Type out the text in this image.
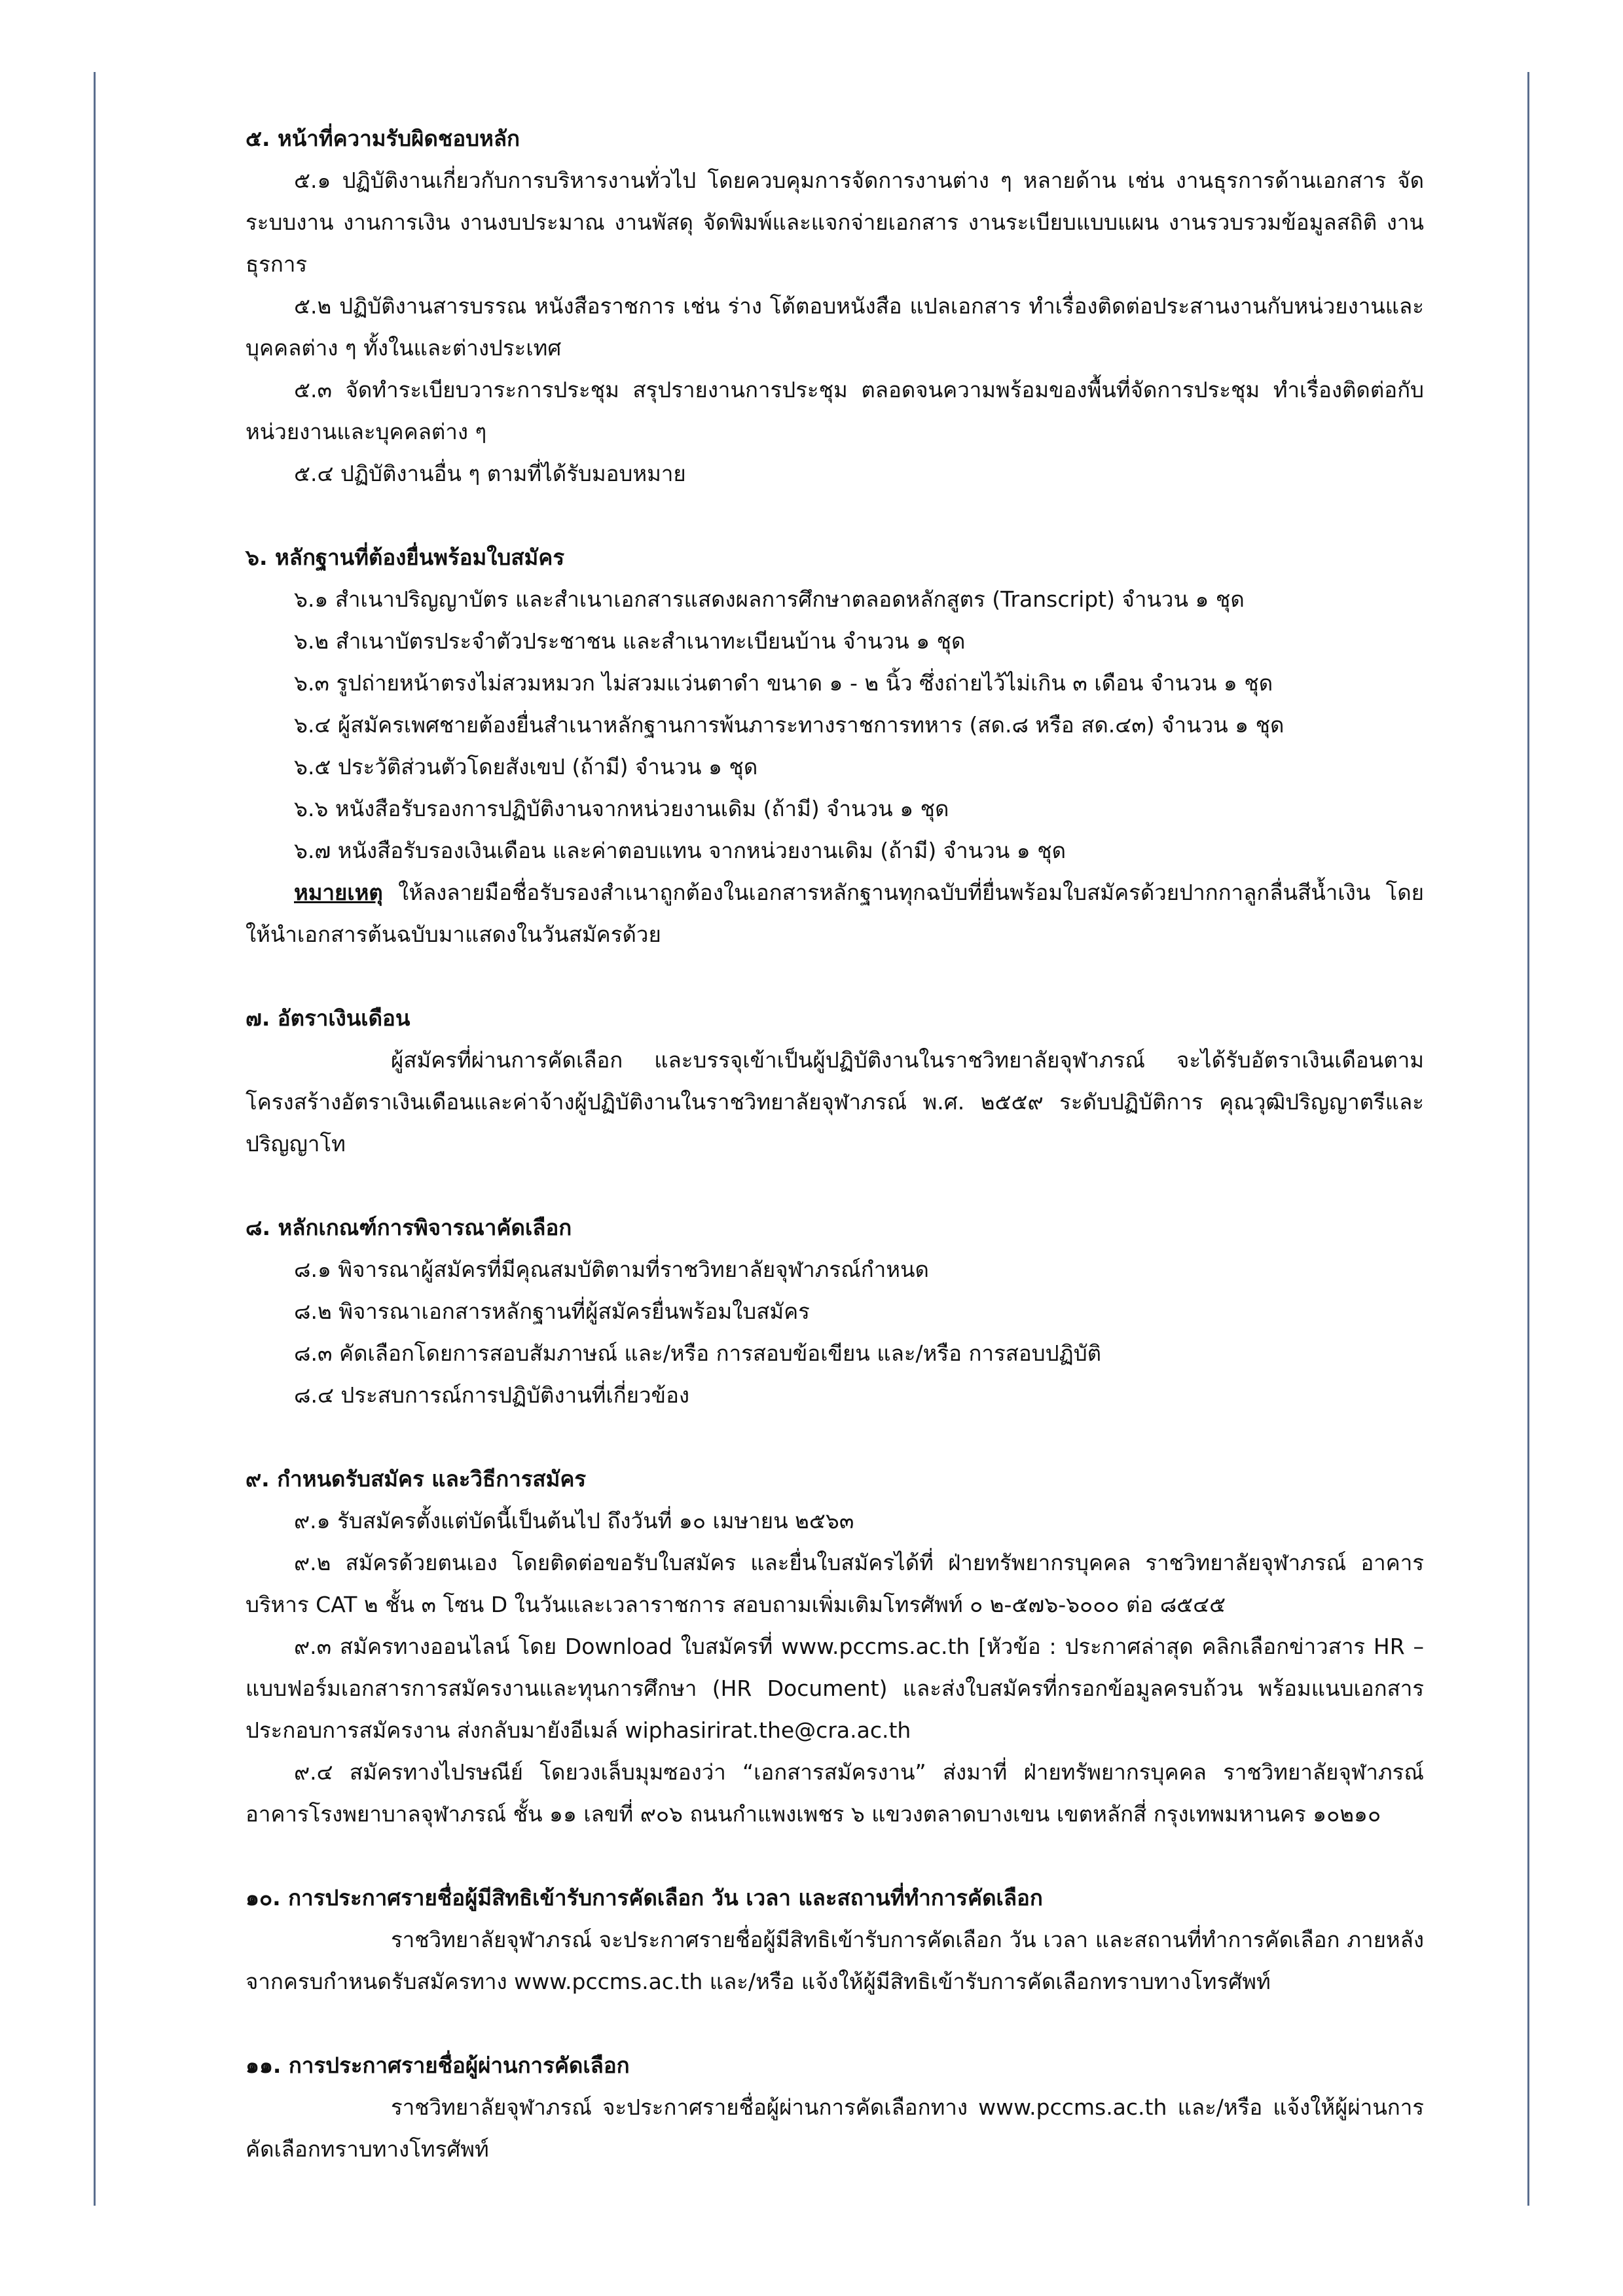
๕. หน้าที่ความรับผิดชอบหลัก

๕.๑ ปฏิบัติงานเกี่ยวกับการบริหารงานทั่วไป โดยควบคุมการจัดการงานต่าง ๆ หลายด้าน เช่น งานธุรการด้านเอกสาร จัดระบบงาน งานการเงิน งานงบประมาณ งานพัสดุ จัดพิมพ์และแจกจ่ายเอกสาร งานระเบียบแบบแผน งานรวบรวมข้อมูลสถิติ งานธุรการ

๕.๒ ปฏิบัติงานสารบรรณ หนังสือราชการ เช่น ร่าง โต้ตอบหนังสือ แปลเอกสาร ทำเรื่องติดต่อประสานงานกับหน่วยงานและบุคคลต่าง ๆ ทั้งในและต่างประเทศ

๕.๓ จัดทำระเบียบวาระการประชุม สรุปรายงานการประชุม ตลอดจนความพร้อมของพื้นที่จัดการประชุม ทำเรื่องติดต่อกับหน่วยงานและบุคคลต่าง ๆ

๕.๔ ปฏิบัติงานอื่น ๆ ตามที่ได้รับมอบหมาย

๖. หลักฐานที่ต้องยื่นพร้อมใบสมัคร

๖.๑ สำเนาปริญญาบัตร และสำเนาเอกสารแสดงผลการศึกษาตลอดหลักสูตร (Transcript) จำนวน ๑ ชุด

๖.๒ สำเนาบัตรประจำตัวประชาชน และสำเนาทะเบียนบ้าน จำนวน ๑ ชุด

๖.๓ รูปถ่ายหน้าตรงไม่สวมหมวก ไม่สวมแว่นตาดำ ขนาด ๑ - ๒ นิ้ว ซึ่งถ่ายไว้ไม่เกิน ๓ เดือน จำนวน ๑ ชุด

๖.๔ ผู้สมัครเพศชายต้องยื่นสำเนาหลักฐานการพ้นภาระทางราชการทหาร (สด.๘ หรือ สด.๔๓) จำนวน ๑ ชุด

๖.๕ ประวัติส่วนตัวโดยสังเขป (ถ้ามี) จำนวน ๑ ชุด

๖.๖ หนังสือรับรองการปฏิบัติงานจากหน่วยงานเดิม (ถ้ามี) จำนวน ๑ ชุด

๖.๗ หนังสือรับรองเงินเดือน และค่าตอบแทน จากหน่วยงานเดิม (ถ้ามี) จำนวน ๑ ชุด

หมายเหตุ ให้ลงลายมือชื่อรับรองสำเนาถูกต้องในเอกสารหลักฐานทุกฉบับที่ยื่นพร้อมใบสมัครด้วยปากกาลูกลื่นสีน้ำเงิน โดยให้นำเอกสารต้นฉบับมาแสดงในวันสมัครด้วย

๗. อัตราเงินเดือน

ผู้สมัครที่ผ่านการคัดเลือก และบรรจุเข้าเป็นผู้ปฏิบัติงานในราชวิทยาลัยจุฬาภรณ์ จะได้รับอัตราเงินเดือนตามโครงสร้างอัตราเงินเดือนและค่าจ้างผู้ปฏิบัติงานในราชวิทยาลัยจุฬาภรณ์ พ.ศ. ๒๕๕๙ ระดับปฏิบัติการ คุณวุฒิปริญญาตรีและปริญญาโท

๘. หลักเกณฑ์การพิจารณาคัดเลือก

๘.๑ พิจารณาผู้สมัครที่มีคุณสมบัติตามที่ราชวิทยาลัยจุฬาภรณ์กำหนด

๘.๒ พิจารณาเอกสารหลักฐานที่ผู้สมัครยื่นพร้อมใบสมัคร

๘.๓ คัดเลือกโดยการสอบสัมภาษณ์ และ/หรือ การสอบข้อเขียน และ/หรือ การสอบปฏิบัติ

๘.๔ ประสบการณ์การปฏิบัติงานที่เกี่ยวข้อง

๙. กำหนดรับสมัคร และวิธีการสมัคร

๙.๑ รับสมัครตั้งแต่บัดนี้เป็นต้นไป ถึงวันที่ ๑๐ เมษายน ๒๕๖๓

๙.๒ สมัครด้วยตนเอง โดยติดต่อขอรับใบสมัคร และยื่นใบสมัครได้ที่ ฝ่ายทรัพยากรบุคคล ราชวิทยาลัยจุฬาภรณ์ อาคารบริหาร CAT ๒ ชั้น ๓ โซน D ในวันและเวลาราชการ สอบถามเพิ่มเติมโทรศัพท์ ๐ ๒-๕๗๖-๖๐๐๐ ต่อ ๘๕๔๕

๙.๓ สมัครทางออนไลน์ โดย Download ใบสมัครที่ www.pccms.ac.th [หัวข้อ : ประกาศล่าสุด คลิกเลือกข่าวสาร HR – แบบฟอร์มเอกสารการสมัครงานและทุนการศึกษา (HR Document) และส่งใบสมัครที่กรอกข้อมูลครบถ้วน พร้อมแนบเอกสารประกอบการสมัครงาน ส่งกลับมายังอีเมล์ wiphasirirat.the@cra.ac.th

๙.๔ สมัครทางไปรษณีย์ โดยวงเล็บมุมซองว่า “เอกสารสมัครงาน” ส่งมาที่ ฝ่ายทรัพยากรบุคคล ราชวิทยาลัยจุฬาภรณ์ อาคารโรงพยาบาลจุฬาภรณ์ ชั้น ๑๑ เลขที่ ๙๐๖ ถนนกำแพงเพชร ๖ แขวงตลาดบางเขน เขตหลักสี่ กรุงเทพมหานคร ๑๐๒๑๐

๑๐. การประกาศรายชื่อผู้มีสิทธิเข้ารับการคัดเลือก วัน เวลา และสถานที่ทำการคัดเลือก

ราชวิทยาลัยจุฬาภรณ์ จะประกาศรายชื่อผู้มีสิทธิเข้ารับการคัดเลือก วัน เวลา และสถานที่ทำการคัดเลือก ภายหลังจากครบกำหนดรับสมัครทาง www.pccms.ac.th และ/หรือ แจ้งให้ผู้มีสิทธิเข้ารับการคัดเลือกทราบทางโทรศัพท์

๑๑. การประกาศรายชื่อผู้ผ่านการคัดเลือก

ราชวิทยาลัยจุฬาภรณ์ จะประกาศรายชื่อผู้ผ่านการคัดเลือกทาง www.pccms.ac.th และ/หรือ แจ้งให้ผู้ผ่านการคัดเลือกทราบทางโทรศัพท์
